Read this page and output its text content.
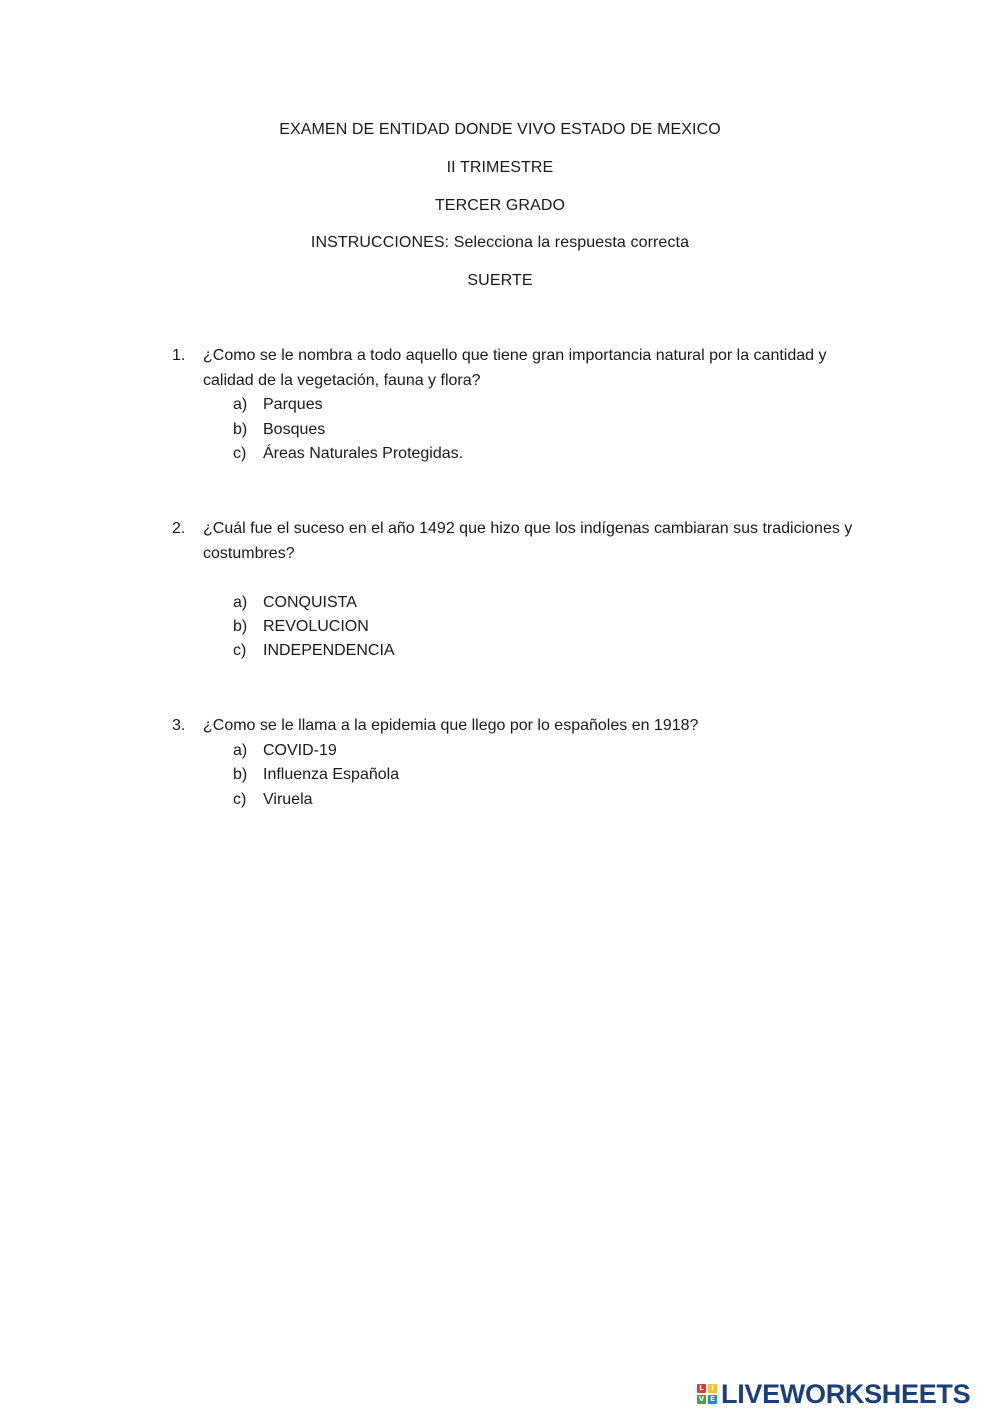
EXAMEN DE ENTIDAD DONDE VIVO ESTADO DE MEXICO
II TRIMESTRE
TERCER GRADO
INSTRUCCIONES: Selecciona la respuesta correcta
SUERTE
1. ¿Como se le nombra a todo aquello que tiene gran importancia natural por la cantidad y calidad de la vegetación, fauna y flora?
a) Parques
b) Bosques
c) Áreas Naturales Protegidas.
2. ¿Cuál fue el suceso en el año 1492 que hizo que los indígenas cambiaran sus tradiciones y costumbres?
a) CONQUISTA
b) REVOLUCION
c) INDEPENDENCIA
3. ¿Como se le llama a la epidemia que llego por lo españoles en 1918?
a) COVID-19
b) Influenza Española
c) Viruela
L	I
V E LIVEWORKSHEETS
